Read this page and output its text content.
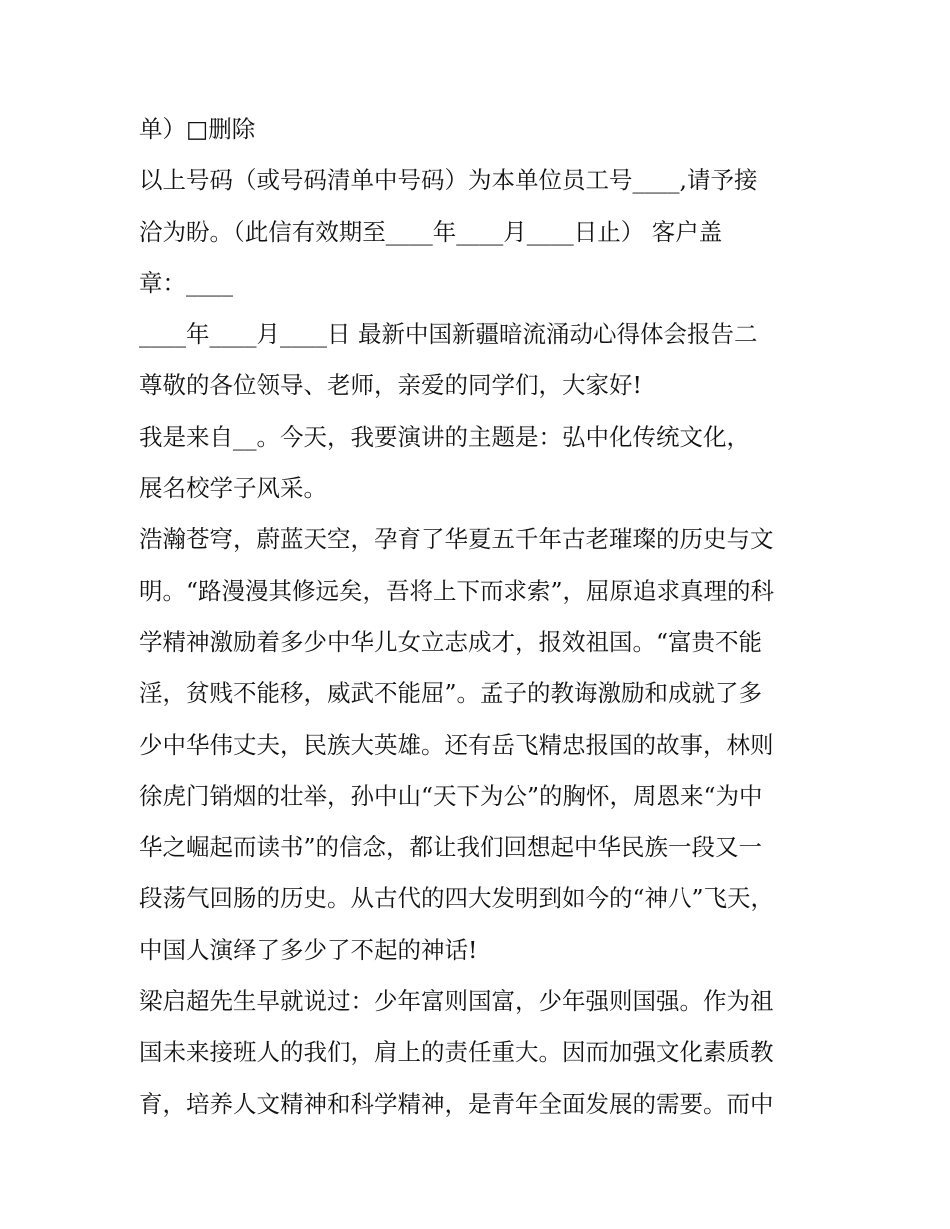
单）□删除
以上号码（或号码清单中号码）为本单位员工号____,请予接
洽为盼。（此信有效期至____年____月____日止） 客户盖
章：____
____年____月____日 最新中国新疆暗流涌动心得体会报告二
尊敬的各位领导、老师，亲爱的同学们，大家好!
我是来自__。今天，我要演讲的主题是：弘中化传统文化，
展名校学子风采。
浩瀚苍穹，蔚蓝天空，孕育了华夏五千年古老璀璨的历史与文
明。“路漫漫其修远矣，吾将上下而求索”，屈原追求真理的科
学精神激励着多少中华儿女立志成才，报效祖国。“富贵不能
淫，贫贱不能移，威武不能屈”。孟子的教诲激励和成就了多
少中华伟丈夫，民族大英雄。还有岳飞精忠报国的故事，林则
徐虎门销烟的壮举，孙中山“天下为公”的胸怀，周恩来“为中
华之崛起而读书”的信念，都让我们回想起中华民族一段又一
段荡气回肠的历史。从古代的四大发明到如今的“神八”飞天，
中国人演绎了多少了不起的神话!
梁启超先生早就说过：少年富则国富，少年强则国强。作为祖
国未来接班人的我们，肩上的责任重大。因而加强文化素质教
育，培养人文精神和科学精神，是青年全面发展的需要。而中
